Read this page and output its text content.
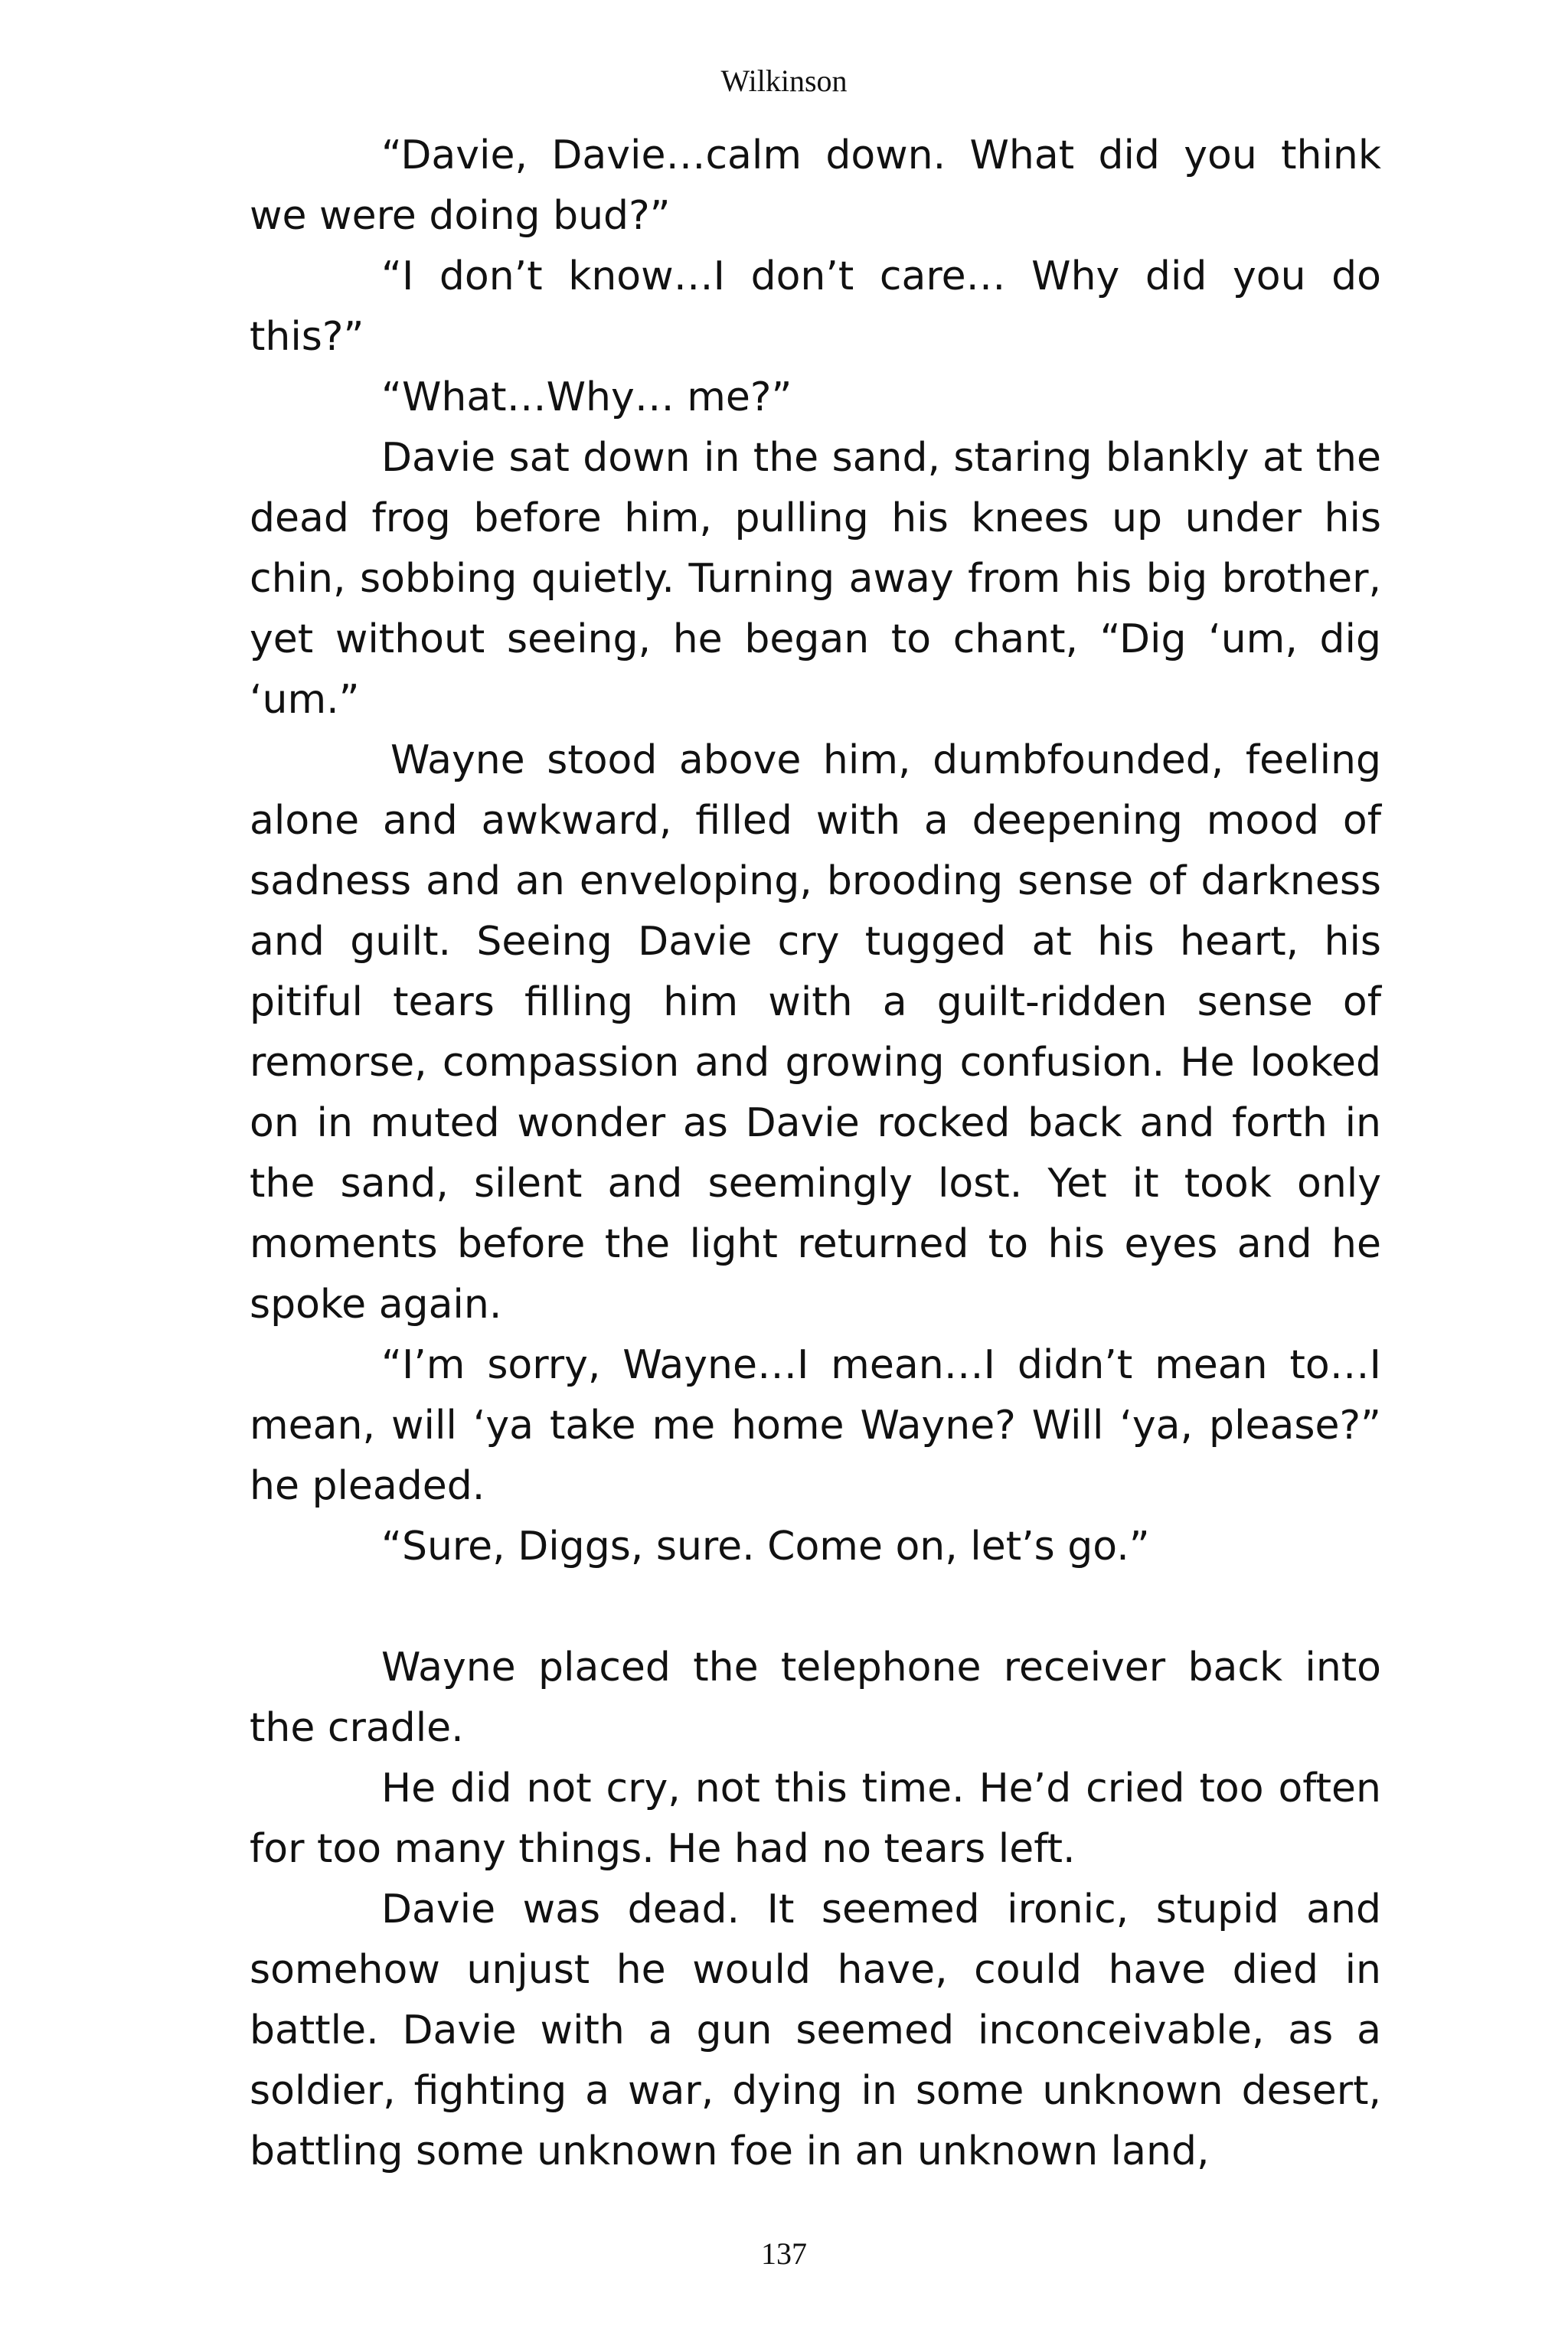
Wilkinson

“Davie, Davie…calm down. What did you think we were doing bud?”

“I don’t know…I don’t care… Why did you do this?”

“What…Why… me?”

Davie sat down in the sand, staring blankly at the dead frog before him, pulling his knees up under his chin, sobbing quietly. Turning away from his big brother, yet without seeing, he began to chant, “Dig ‘um, dig ‘um.”

Wayne stood above him, dumbfounded, feeling alone and awkward, filled with a deepening mood of sadness and an enveloping, brooding sense of darkness and guilt. Seeing Davie cry tugged at his heart, his pitiful tears filling him with a guilt-ridden sense of remorse, compassion and growing confusion. He looked on in muted wonder as Davie rocked back and forth in the sand, silent and seemingly lost. Yet it took only moments before the light returned to his eyes and he spoke again.

“I’m sorry, Wayne…I mean…I didn’t mean to…I mean, will ‘ya take me home Wayne? Will ‘ya, please?” he pleaded.

“Sure, Diggs, sure. Come on, let’s go.”

Wayne placed the telephone receiver back into the cradle.

He did not cry, not this time. He’d cried too often for too many things. He had no tears left.

Davie was dead. It seemed ironic, stupid and somehow unjust he would have, could have died in battle. Davie with a gun seemed inconceivable, as a soldier, fighting a war, dying in some unknown desert, battling some unknown foe in an unknown land,

137
